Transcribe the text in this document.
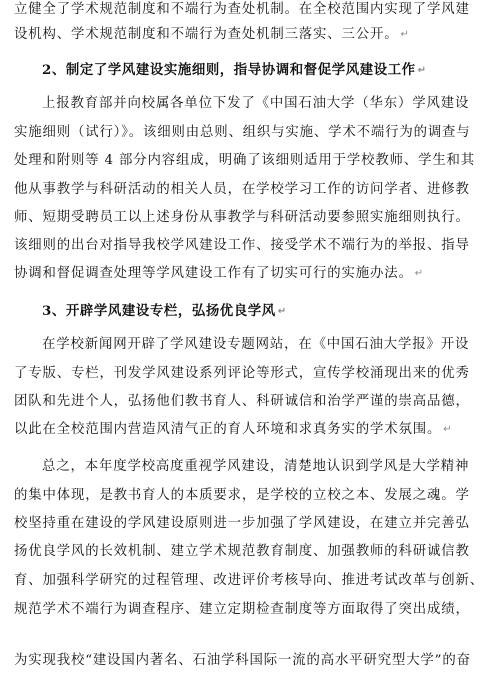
立健全了学术规范制度和不端行为查处机制。在全校范围内实现了学风建
设机构、学术规范制度和不端行为查处机制三落实、三公开。 ↵
2、制定了学风建设实施细则，指导协调和督促学风建设工作 ↵
上报教育部并向校属各单位下发了《中国石油大学（华东）学风建设
实施细则（试行）》。该细则由总则、组织与实施、学术不端行为的调查与
处理和附则等 4 部分内容组成，明确了该细则适用于学校教师、学生和其
他从事教学与科研活动的相关人员，在学校学习工作的访问学者、进修教
师、短期受聘员工以上述身份从事教学与科研活动要参照实施细则执行。
该细则的出台对指导我校学风建设工作、接受学术不端行为的举报、指导
协调和督促调查处理等学风建设工作有了切实可行的实施办法。 ↵
3、开辟学风建设专栏，弘扬优良学风 ↵
在学校新闻网开辟了学风建设专题网站，在《中国石油大学报》开设
了专版、专栏，刊发学风建设系列评论等形式，宣传学校涌现出来的优秀
团队和先进个人，弘扬他们教书育人、科研诚信和治学严谨的崇高品德，
以此在全校范围内营造风清气正的育人环境和求真务实的学术氛围。 ↵
总之，本年度学校高度重视学风建设，清楚地认识到学风是大学精神
的集中体现，是教书育人的本质要求，是学校的立校之本、发展之魂。学
校坚持重在建设的学风建设原则进一步加强了学风建设，在建立并完善弘
扬优良学风的长效机制、建立学术规范教育制度、加强教师的科研诚信教
育、加强科学研究的过程管理、改进评价考核导向、推进考试改革与创新、
规范学术不端行为调查程序、建立定期检查制度等方面取得了突出成绩，
为实现我校“建设国内著名、石油学科国际一流的高水平研究型大学”的奋
